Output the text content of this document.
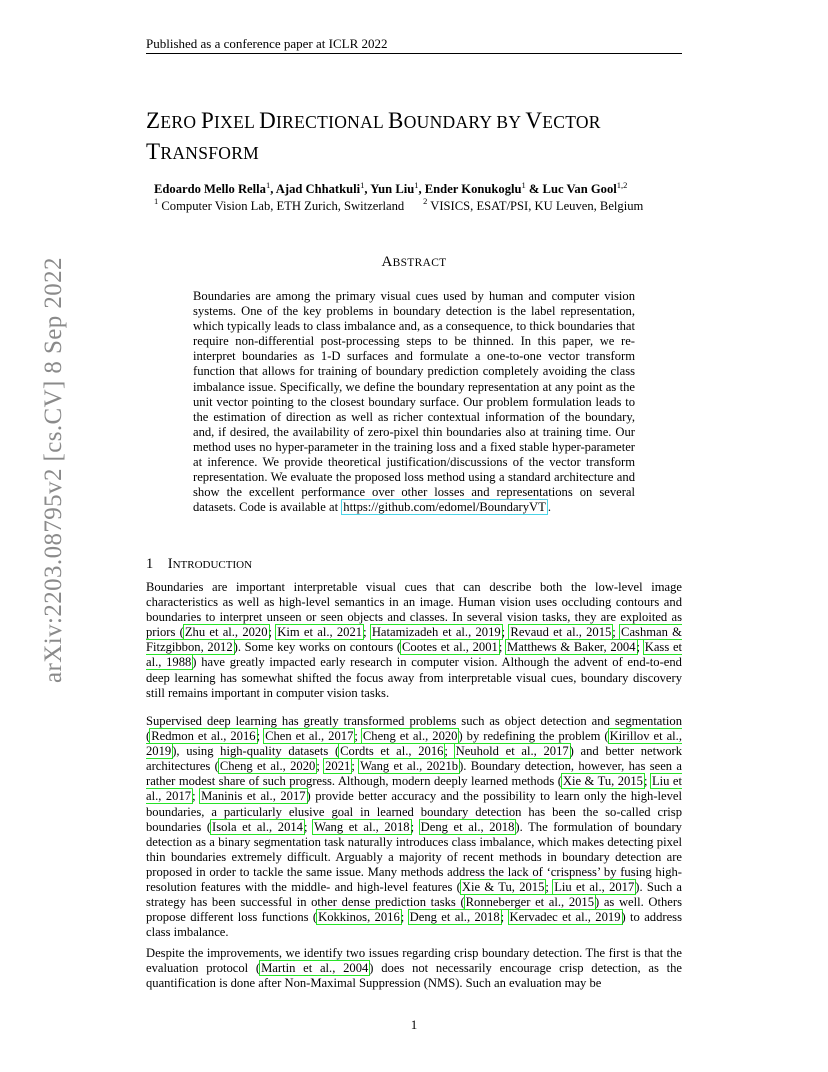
Published as a conference paper at ICLR 2022
arXiv:2203.08795v2 [cs.CV] 8 Sep 2022
ZERO PIXEL DIRECTIONAL BOUNDARY BY VECTOR
TRANSFORM
Edoardo Mello Rella$^1$, Ajad Chhatkuli$^1$, Yun Liu$^1$, Ender Konukoglu$^1$ & Luc Van Gool$^{1,2}$
$^1$ Computer Vision Lab, ETH Zurich, Switzerland $^2$ VISICS, ESAT/PSI, KU Leuven, Belgium
ABSTRACT
Boundaries are among the primary visual cues used by human and computer vision systems. One of the key problems in boundary detection is the label representation, which typically leads to class imbalance and, as a consequence, to thick boundaries that require non-differential post-processing steps to be thinned. In this paper, we re-interpret boundaries as 1-D surfaces and formulate a one-to-one vector transform function that allows for training of boundary prediction completely avoiding the class imbalance issue. Specifically, we define the boundary representation at any point as the unit vector pointing to the closest boundary surface. Our problem formulation leads to the estimation of direction as well as richer contextual information of the boundary, and, if desired, the availability of zero-pixel thin boundaries also at training time. Our method uses no hyper-parameter in the training loss and a fixed stable hyper-parameter at inference. We provide theoretical justification/discussions of the vector transform representation. We evaluate the proposed loss method using a standard architecture and show the excellent performance over other losses and representations on several datasets. Code is available at https://github.com/edomel/BoundaryVT .
1 INTRODUCTION
Boundaries are important interpretable visual cues that can describe both the low-level image characteristics as well as high-level semantics in an image. Human vision uses occluding contours and boundaries to interpret unseen or seen objects and classes. In several vision tasks, they are exploited as priors (Zhu et al., 2020; Kim et al., 2021; Hatamizadeh et al., 2019; Revaud et al., 2015; Cashman & Fitzgibbon, 2012). Some key works on contours (Cootes et al., 2001; Matthews & Baker, 2004; Kass et al., 1988) have greatly impacted early research in computer vision. Although the advent of end-to-end deep learning has somewhat shifted the focus away from interpretable visual cues, boundary discovery still remains important in computer vision tasks.
Supervised deep learning has greatly transformed problems such as object detection and segmentation (Redmon et al., 2016; Chen et al., 2017; Cheng et al., 2020) by redefining the problem (Kirillov et al., 2019), using high-quality datasets (Cordts et al., 2016; Neuhold et al., 2017) and better network architectures (Cheng et al., 2020; 2021; Wang et al., 2021b). Boundary detection, however, has seen a rather modest share of such progress. Although, modern deeply learned methods (Xie & Tu, 2015; Liu et al., 2017; Maninis et al., 2017) provide better accuracy and the possibility to learn only the high-level boundaries, a particularly elusive goal in learned boundary detection has been the so-called crisp boundaries (Isola et al., 2014; Wang et al., 2018; Deng et al., 2018). The formulation of boundary detection as a binary segmentation task naturally introduces class imbalance, which makes detecting pixel thin boundaries extremely difficult. Arguably a majority of recent methods in boundary detection are proposed in order to tackle the same issue. Many methods address the lack of ‘crispness’ by fusing high-resolution features with the middle- and high-level features (Xie & Tu, 2015; Liu et al., 2017). Such a strategy has been successful in other dense prediction tasks (Ronneberger et al., 2015) as well. Others propose different loss functions (Kokkinos, 2016; Deng et al., 2018; Kervadec et al., 2019) to address class imbalance.
Despite the improvements, we identify two issues regarding crisp boundary detection. The first is that the evaluation protocol (Martin et al., 2004) does not necessarily encourage crisp detection, as the quantification is done after Non-Maximal Suppression (NMS). Such an evaluation may be
1
